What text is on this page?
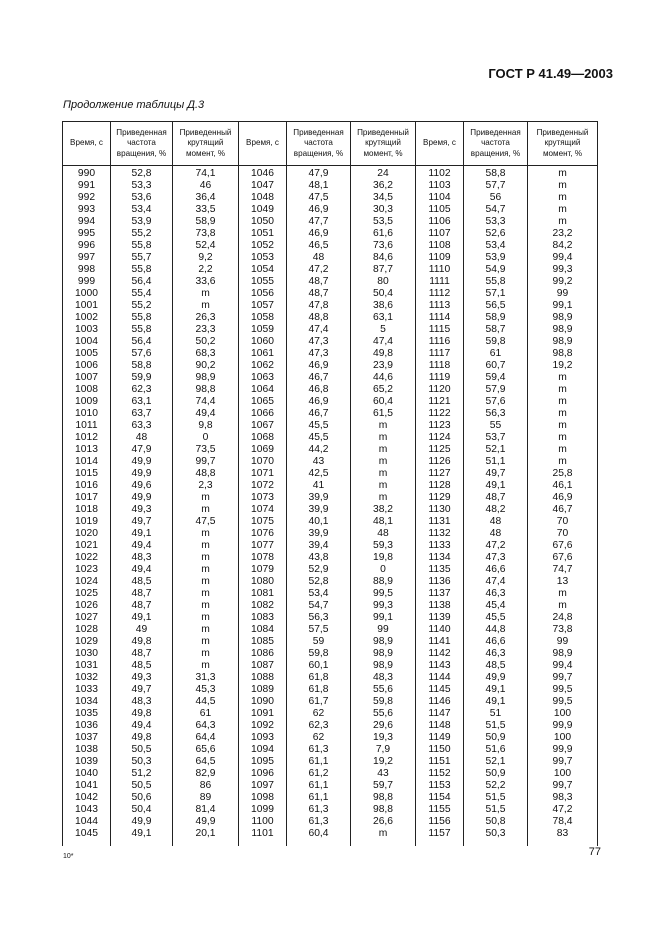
ГОСТ Р 41.49—2003
Продолжение таблицы Д.3
Время, с	Приведенная частота вращения, %	Приведенный крутящий момент, %	Время, с	Приведенная частота вращения, %	Приведенный крутящий момент, %	Время, с	Приведенная частота вращения, %	Приведенный крутящий момент, %
990	52,8	74,1	1046	47,9	24	1102	58,8	m
991	53,3	46	1047	48,1	36,2	1103	57,7	m
992	53,6	36,4	1048	47,5	34,5	1104	56	m
993	53,4	33,5	1049	46,9	30,3	1105	54,7	m
994	53,9	58,9	1050	47,7	53,5	1106	53,3	m
995	55,2	73,8	1051	46,9	61,6	1107	52,6	23,2
996	55,8	52,4	1052	46,5	73,6	1108	53,4	84,2
997	55,7	9,2	1053	48	84,6	1109	53,9	99,4
998	55,8	2,2	1054	47,2	87,7	1110	54,9	99,3
999	56,4	33,6	1055	48,7	80	1111	55,8	99,2
1000	55,4	m	1056	48,7	50,4	1112	57,1	99
1001	55,2	m	1057	47,8	38,6	1113	56,5	99,1
1002	55,8	26,3	1058	48,8	63,1	1114	58,9	98,9
1003	55,8	23,3	1059	47,4	5	1115	58,7	98,9
1004	56,4	50,2	1060	47,3	47,4	1116	59,8	98,9
1005	57,6	68,3	1061	47,3	49,8	1117	61	98,8
1006	58,8	90,2	1062	46,9	23,9	1118	60,7	19,2
1007	59,9	98,9	1063	46,7	44,6	1119	59,4	m
1008	62,3	98,8	1064	46,8	65,2	1120	57,9	m
1009	63,1	74,4	1065	46,9	60,4	1121	57,6	m
1010	63,7	49,4	1066	46,7	61,5	1122	56,3	m
1011	63,3	9,8	1067	45,5	m	1123	55	m
1012	48	0	1068	45,5	m	1124	53,7	m
1013	47,9	73,5	1069	44,2	m	1125	52,1	m
1014	49,9	99,7	1070	43	m	1126	51,1	m
1015	49,9	48,8	1071	42,5	m	1127	49,7	25,8
1016	49,6	2,3	1072	41	m	1128	49,1	46,1
1017	49,9	m	1073	39,9	m	1129	48,7	46,9
1018	49,3	m	1074	39,9	38,2	1130	48,2	46,7
1019	49,7	47,5	1075	40,1	48,1	1131	48	70
1020	49,1	m	1076	39,9	48	1132	48	70
1021	49,4	m	1077	39,4	59,3	1133	47,2	67,6
1022	48,3	m	1078	43,8	19,8	1134	47,3	67,6
1023	49,4	m	1079	52,9	0	1135	46,6	74,7
1024	48,5	m	1080	52,8	88,9	1136	47,4	13
1025	48,7	m	1081	53,4	99,5	1137	46,3	m
1026	48,7	m	1082	54,7	99,3	1138	45,4	m
1027	49,1	m	1083	56,3	99,1	1139	45,5	24,8
1028	49	m	1084	57,5	99	1140	44,8	73,8
1029	49,8	m	1085	59	98,9	1141	46,6	99
1030	48,7	m	1086	59,8	98,9	1142	46,3	98,9
1031	48,5	m	1087	60,1	98,9	1143	48,5	99,4
1032	49,3	31,3	1088	61,8	48,3	1144	49,9	99,7
1033	49,7	45,3	1089	61,8	55,6	1145	49,1	99,5
1034	48,3	44,5	1090	61,7	59,8	1146	49,1	99,5
1035	49,8	61	1091	62	55,6	1147	51	100
1036	49,4	64,3	1092	62,3	29,6	1148	51,5	99,9
1037	49,8	64,4	1093	62	19,3	1149	50,9	100
1038	50,5	65,6	1094	61,3	7,9	1150	51,6	99,9
1039	50,3	64,5	1095	61,1	19,2	1151	52,1	99,7
1040	51,2	82,9	1096	61,2	43	1152	50,9	100
1041	50,5	86	1097	61,1	59,7	1153	52,2	99,7
1042	50,6	89	1098	61,1	98,8	1154	51,5	98,3
1043	50,4	81,4	1099	61,3	98,8	1155	51,5	47,2
1044	49,9	49,9	1100	61,3	26,6	1156	50,8	78,4
1045	49,1	20,1	1101	60,4	m	1157	50,3	83
10*	77
